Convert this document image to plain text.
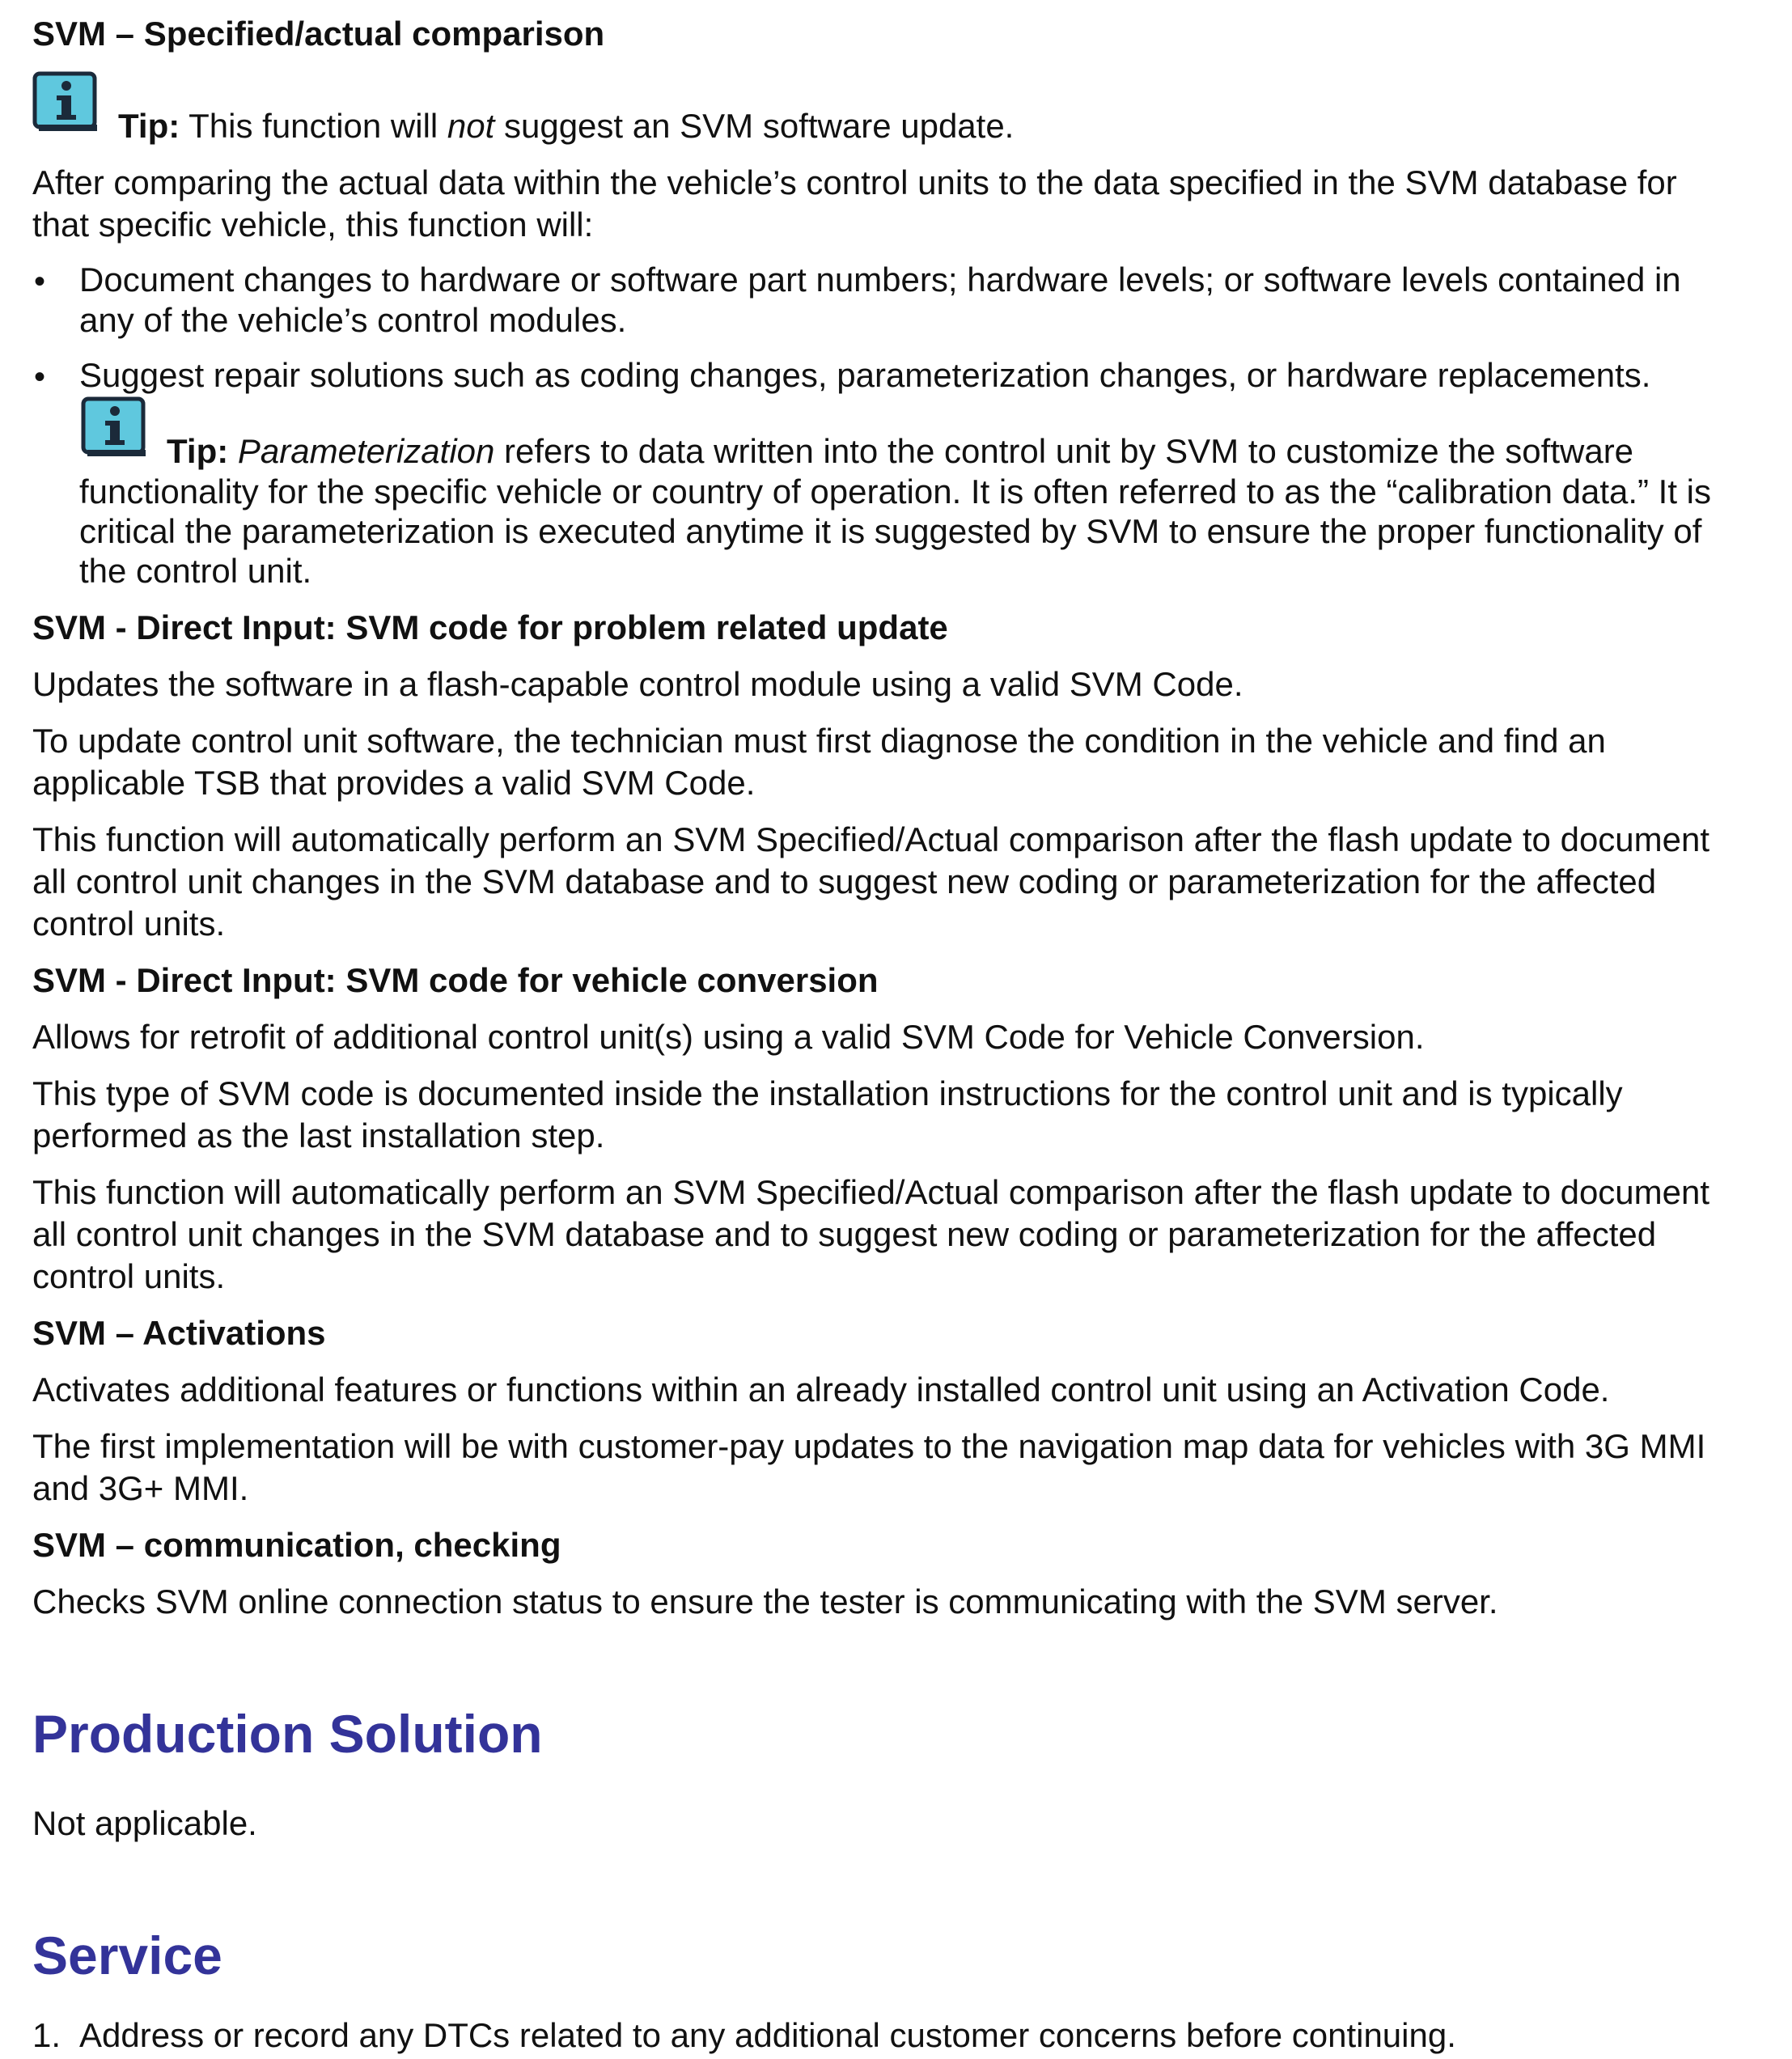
SVM – Specified/actual comparison
Tip: This function will not suggest an SVM software update.
After comparing the actual data within the vehicle’s control units to the data specified in the SVM database for
that specific vehicle, this function will:
• Document changes to hardware or software part numbers; hardware levels; or software levels contained in
any of the vehicle’s control modules.
• Suggest repair solutions such as coding changes, parameterization changes, or hardware replacements.
Tip: Parameterization refers to data written into the control unit by SVM to customize the software
functionality for the specific vehicle or country of operation. It is often referred to as the “calibration data.” It is
critical the parameterization is executed anytime it is suggested by SVM to ensure the proper functionality of
the control unit.
SVM - Direct Input: SVM code for problem related update
Updates the software in a flash-capable control module using a valid SVM Code.
To update control unit software, the technician must first diagnose the condition in the vehicle and find an
applicable TSB that provides a valid SVM Code.
This function will automatically perform an SVM Specified/Actual comparison after the flash update to document
all control unit changes in the SVM database and to suggest new coding or parameterization for the affected
control units.
SVM - Direct Input: SVM code for vehicle conversion
Allows for retrofit of additional control unit(s) using a valid SVM Code for Vehicle Conversion.
This type of SVM code is documented inside the installation instructions for the control unit and is typically
performed as the last installation step.
This function will automatically perform an SVM Specified/Actual comparison after the flash update to document
all control unit changes in the SVM database and to suggest new coding or parameterization for the affected
control units.
SVM – Activations
Activates additional features or functions within an already installed control unit using an Activation Code.
The first implementation will be with customer-pay updates to the navigation map data for vehicles with 3G MMI
and 3G+ MMI.
SVM – communication, checking
Checks SVM online connection status to ensure the tester is communicating with the SVM server.
Production Solution
Not applicable.
Service
1. Address or record any DTCs related to any additional customer concerns before continuing.
